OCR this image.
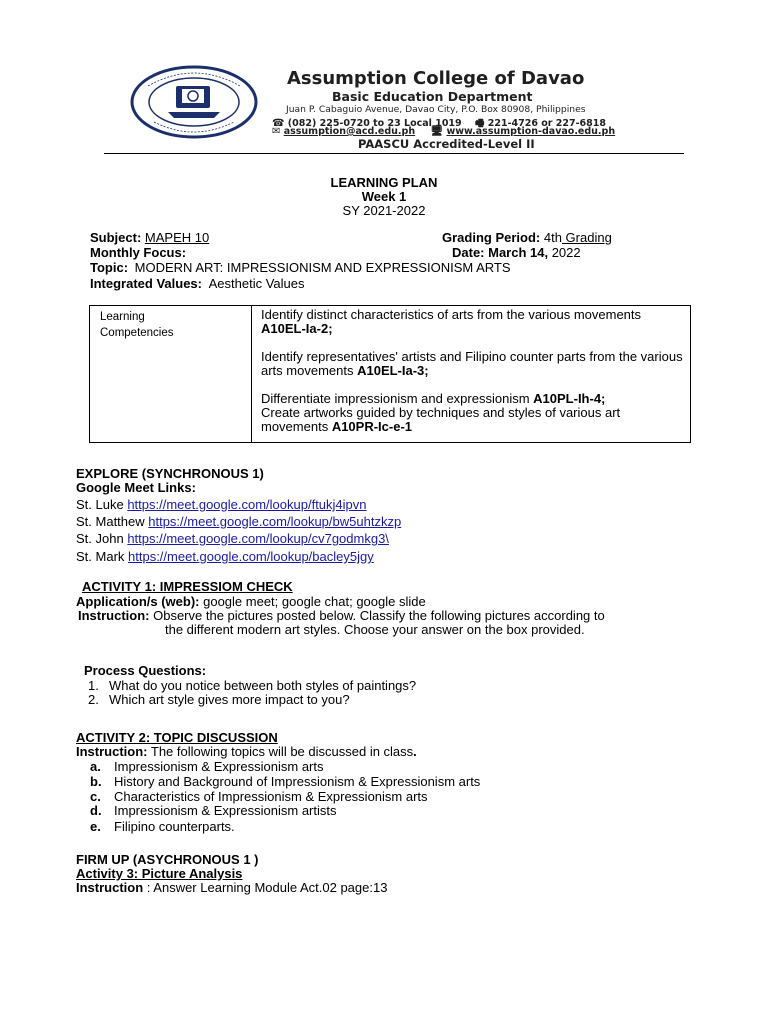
Assumption College of Davao
Basic Education Department
Juan P. Cabaguio Avenue, Davao City, P.O. Box 80908, Philippines
☎ (082) 225-0720 to 23 Local 1019 🖷 221-4726 or 227-6818
✉ assumption@acd.edu.ph 🖥 www.assumption-davao.edu.ph
PAASCU Accredited-Level II
LEARNING PLAN
Week 1
SY 2021-2022
Subject: MAPEH 10	Grading Period: 4th Grading
Monthly Focus:	Date: March 14, 2022
Topic: MODERN ART: IMPRESSIONISM AND EXPRESSIONISM ARTS
Integrated Values: Aesthetic Values
Learning
Competencies

Identify distinct characteristics of arts from the various movements A10EL-Ia-2;

Identify representatives' artists and Filipino counter parts from the various arts movements A10EL-Ia-3;

Differentiate impressionism and expressionism A10PL-Ih-4;
Create artworks guided by techniques and styles of various art movements A10PR-Ic-e-1

EXPLORE (SYNCHRONOUS 1)
Google Meet Links:
St. Luke https://meet.google.com/lookup/ftukj4ipvn
St. Matthew https://meet.google.com/lookup/bw5uhtzkzp
St. John https://meet.google.com/lookup/cv7godmkg3\
St. Mark https://meet.google.com/lookup/bacley5jgy
ACTIVITY 1: IMPRESSIOM CHECK
Application/s (web): google meet; google chat; google slide
Instruction: Observe the pictures posted below. Classify the following pictures according to
the different modern art styles. Choose your answer on the box provided.
Process Questions:
1. What do you notice between both styles of paintings?
2. Which art style gives more impact to you?
ACTIVITY 2: TOPIC DISCUSSION
Instruction: The following topics will be discussed in class.
a. Impressionism & Expressionism arts
b. History and Background of Impressionism & Expressionism arts
c. Characteristics of Impressionism & Expressionism arts
d. Impressionism & Expressionism artists
e. Filipino counterparts.
FIRM UP (ASYCHRONOUS 1 )
Activity 3: Picture Analysis
Instruction : Answer Learning Module Act.02 page:13
